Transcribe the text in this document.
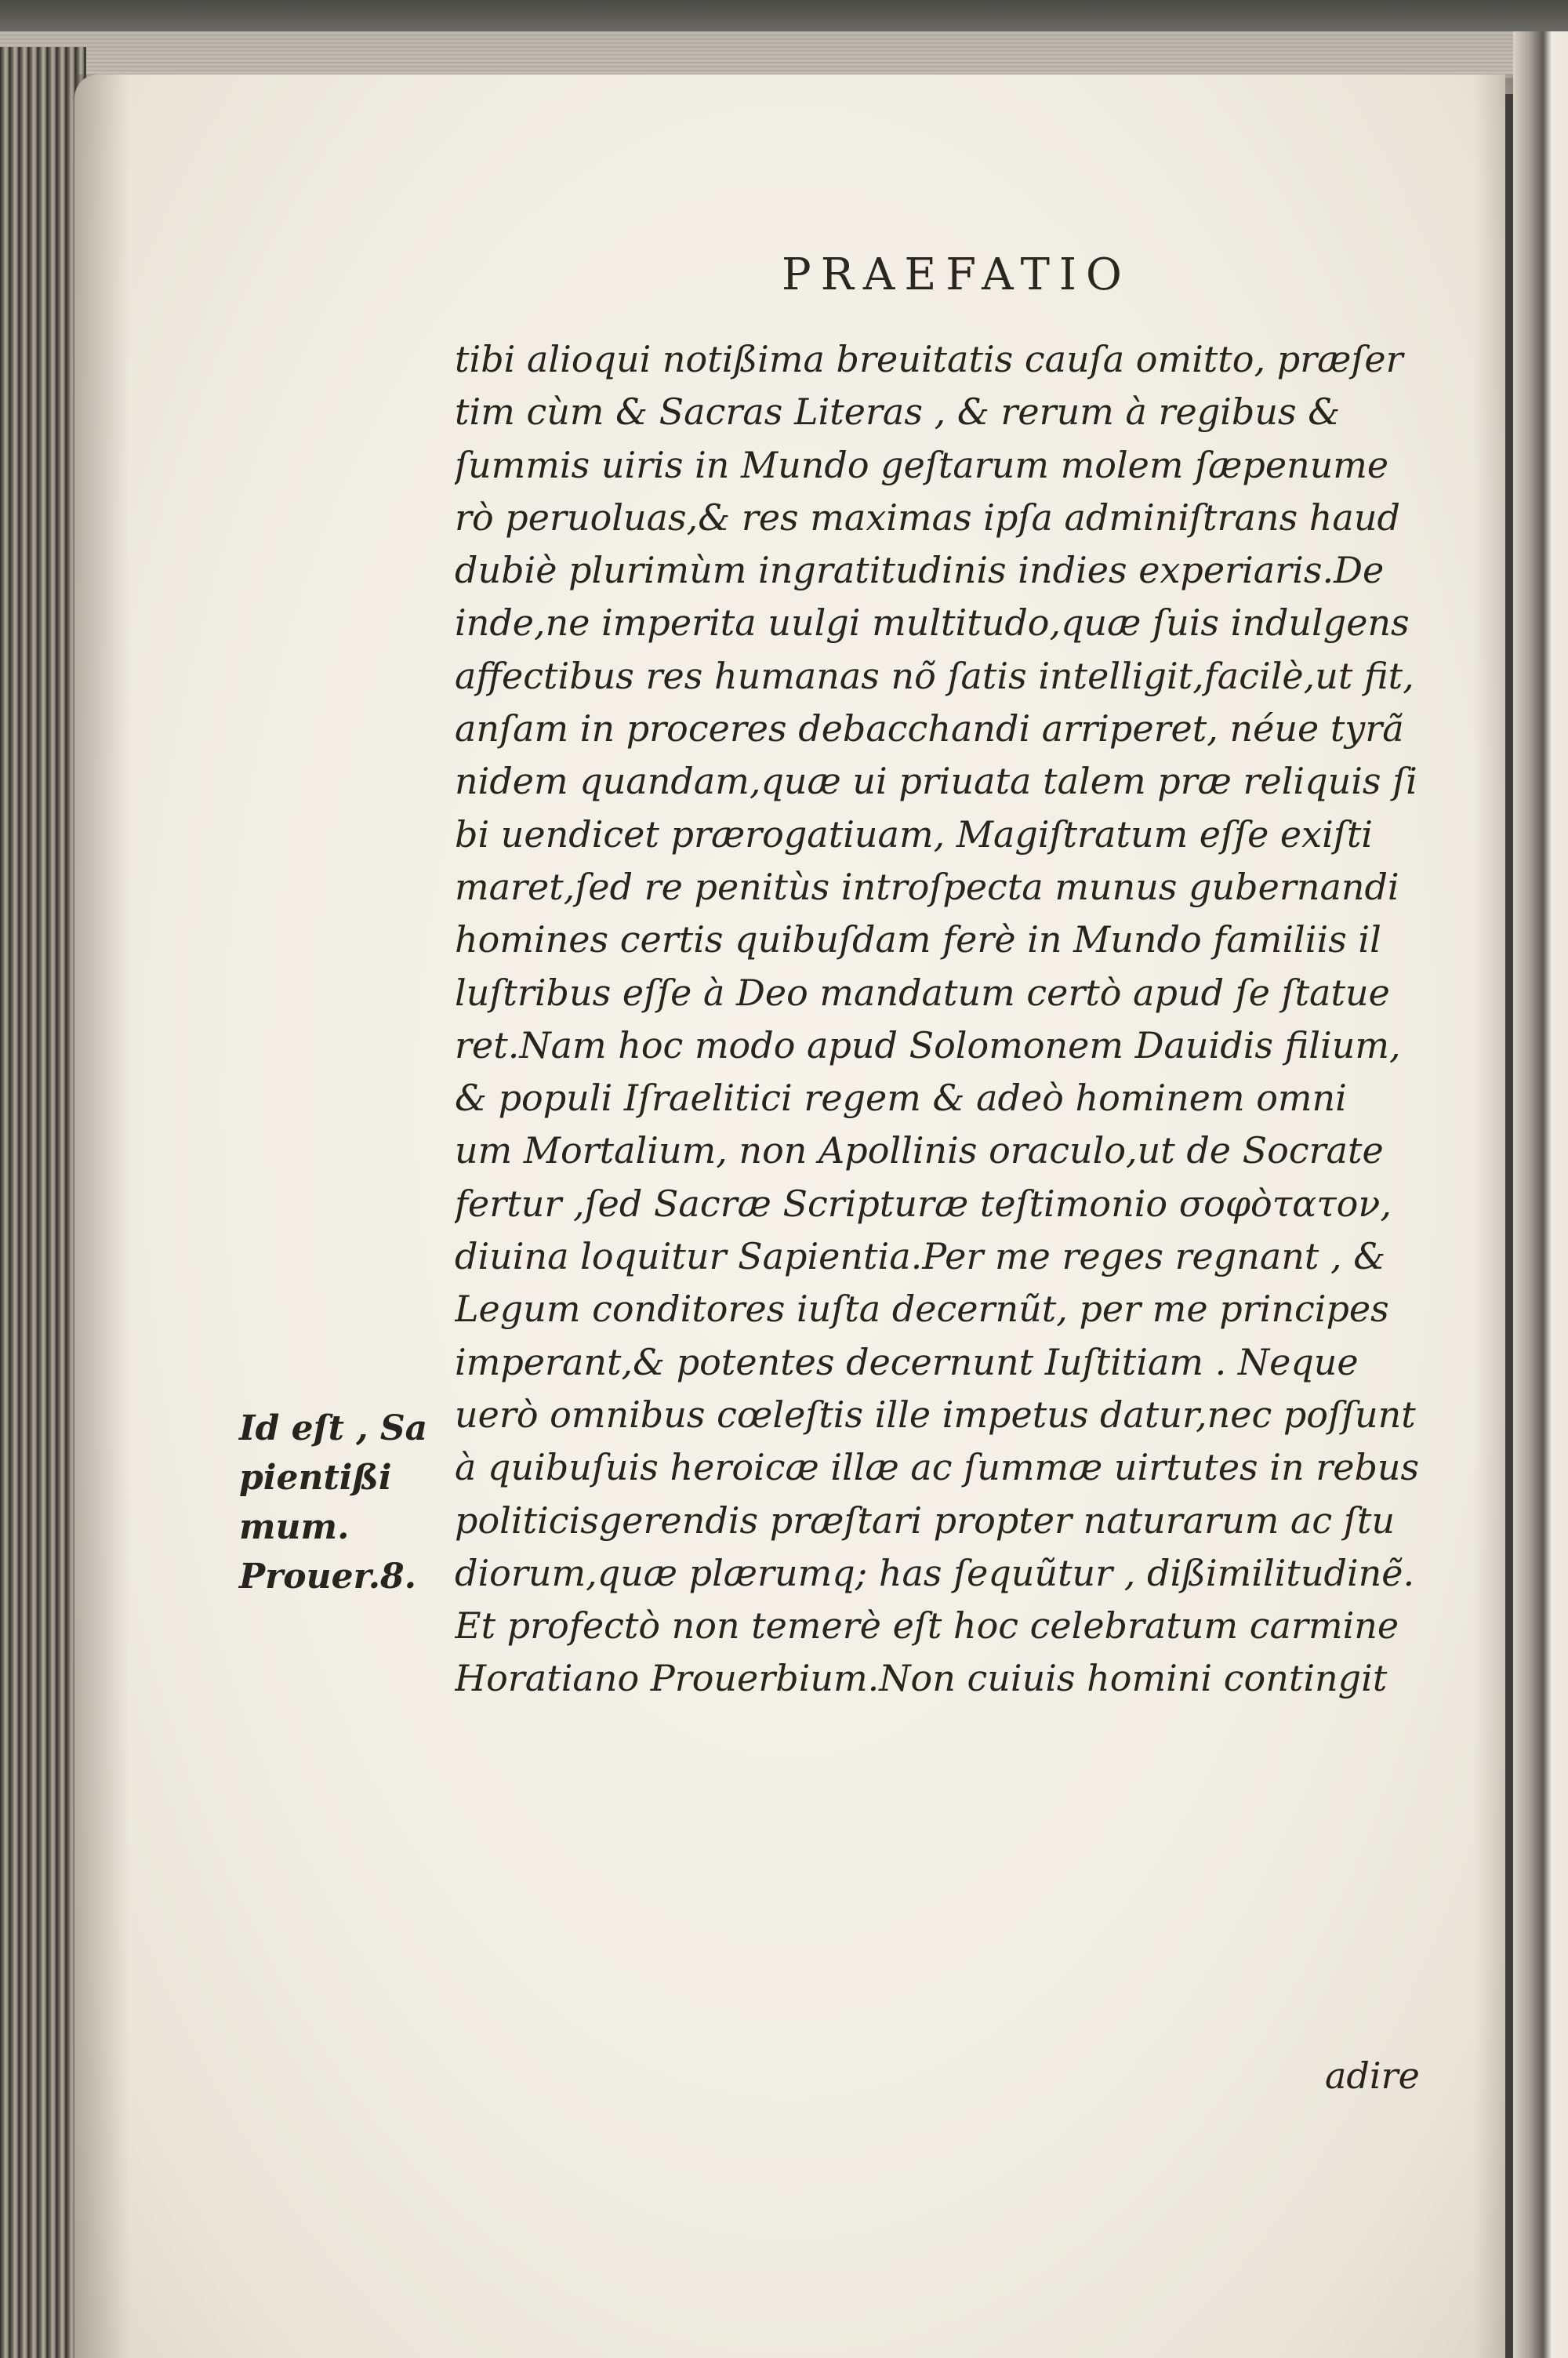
PRAEFATIO
tibi alioqui notißima breuitatis cauſa omitto, præſer
tim cùm & Sacras Literas , & rerum à regibus &
ſummis uiris in Mundo geſtarum molem ſæpenume
rò peruoluas,& res maximas ipſa adminiſtrans haud
dubiè plurimùm ingratitudinis indies experiaris.De
inde,ne imperita uulgi multitudo,quæ ſuis indulgens
affectibus res humanas nõ ſatis intelligit,facilè,ut fit,
anſam in proceres debacchandi arriperet, néue tyrã
nidem quandam,quæ ui priuata talem præ reliquis ſi
bi uendicet prærogatiuam, Magiſtratum eſſe exiſti
maret,ſed re penitùs introſpecta munus gubernandi
homines certis quibuſdam ferè in Mundo familiis il
luſtribus eſſe à Deo mandatum certò apud ſe ſtatue
ret.Nam hoc modo apud Solomonem Dauidis filium,
& populi Iſraelitici regem & adeò hominem omni
um Mortalium, non Apollinis oraculo,ut de Socrate
fertur ,ſed Sacræ Scripturæ teſtimonio σοφὸτατον,
diuina loquitur Sapientia.Per me reges regnant , &
Legum conditores iuſta decernũt, per me principes
imperant,& potentes decernunt Iuſtitiam . Neque
uerò omnibus cœleſtis ille impetus datur,nec poſſunt
à quibuſuis heroicæ illæ ac ſummæ uirtutes in rebus
politicisgerendis præſtari propter naturarum ac ſtu
diorum,quæ plærumq; has ſequũtur , dißimilitudinẽ.
Et profectò non temerè eſt hoc celebratum carmine
Horatiano Prouerbium.Non cuiuis homini contingit
adire
Id eſt , Sa
pientißi
mum.
Prouer.8.
